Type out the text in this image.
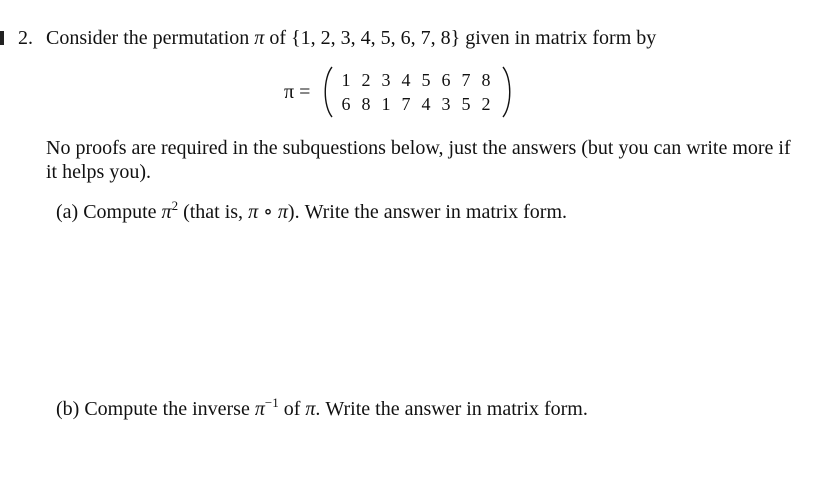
2. Consider the permutation π of {1, 2, 3, 4, 5, 6, 7, 8} given in matrix form by
π =
1 2 3 4 5 6 7 8
6 8 1 7 4 3 5 2
No proofs are required in the subquestions below, just the answers (but you can write more if it helps you).
(a) Compute $\pi^2$ (that is, π ∘ π). Write the answer in matrix form.
(b) Compute the inverse $\pi^{-1}$ of π. Write the answer in matrix form.
